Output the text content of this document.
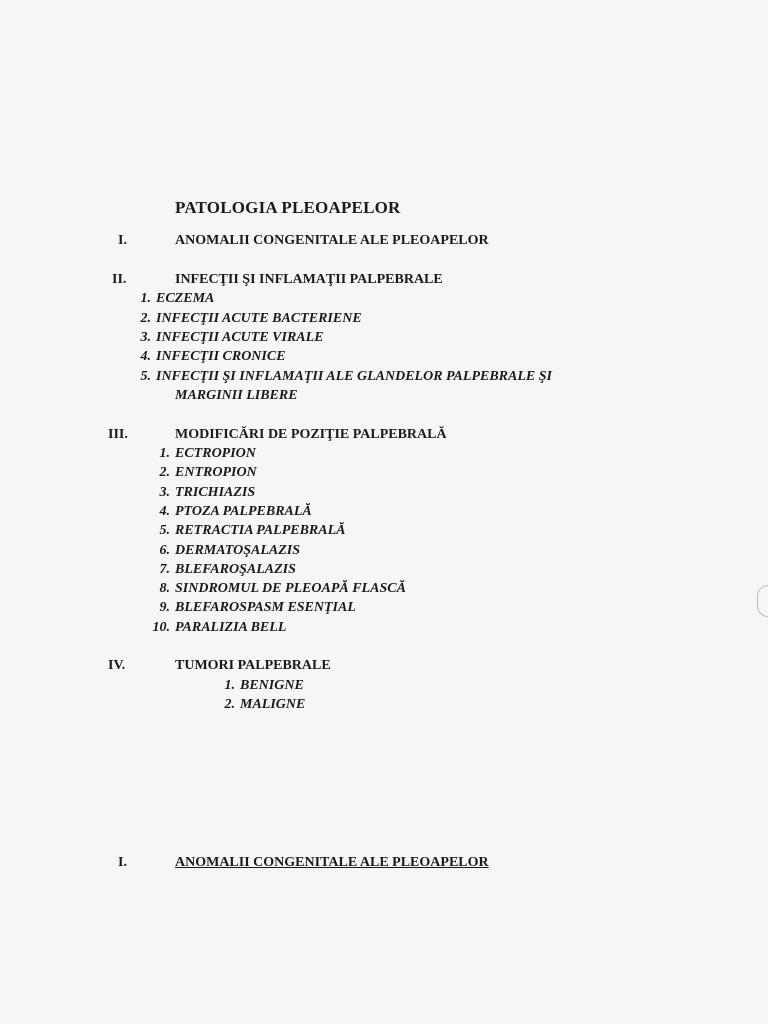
PATOLOGIA PLEOAPELOR
I.	ANOMALII CONGENITALE ALE PLEOAPELOR
II.	INFECŢII ŞI INFLAMAŢII PALPEBRALE
1. ECZEMA
2. INFECŢII ACUTE BACTERIENE
3. INFECŢII ACUTE VIRALE
4. INFECŢII CRONICE
5. INFECŢII ŞI INFLAMAŢII ALE GLANDELOR PALPEBRALE ŞI
MARGINII LIBERE
III.	MODIFICĂRI DE POZIŢIE PALPEBRALĂ
1. ECTROPION
2. ENTROPION
3. TRICHIAZIS
4. PTOZA PALPEBRALĂ
5. RETRACTIA PALPEBRALĂ
6. DERMATOŞALAZIS
7. BLEFAROŞALAZIS
8. SINDROMUL DE PLEOAPĂ FLASCĂ
9. BLEFAROSPASM ESENŢIAL
10. PARALIZIA BELL
IV.	TUMORI PALPEBRALE
1. BENIGNE
2. MALIGNE
I.	ANOMALII CONGENITALE ALE PLEOAPELOR
